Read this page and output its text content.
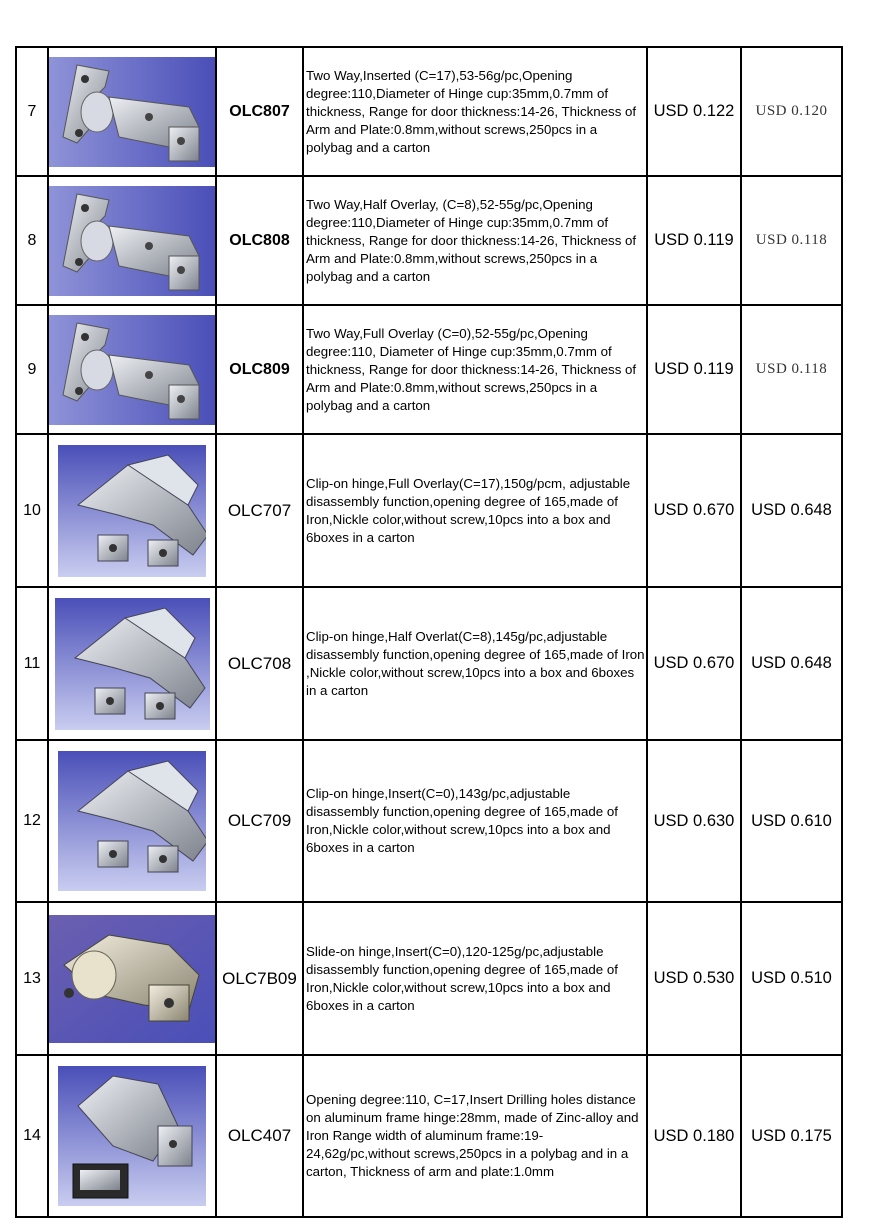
7		OLC807	Two Way,Inserted (C=17),53-56g/pc,Opening degree:110,Diameter of Hinge cup:35mm,0.7mm of thickness, Range for door thickness:14-26, Thickness of Arm and Plate:0.8mm,without screws,250pcs in a polybag and a carton	USD 0.122	USD 0.120
8		OLC808	Two Way,Half Overlay, (C=8),52-55g/pc,Opening degree:110,Diameter of Hinge cup:35mm,0.7mm of thickness, Range for door thickness:14-26, Thickness of Arm and Plate:0.8mm,without screws,250pcs in a polybag and a carton	USD 0.119	USD 0.118
9		OLC809	Two Way,Full Overlay (C=0),52-55g/pc,Opening degree:110, Diameter of Hinge cup:35mm,0.7mm of thickness, Range for door thickness:14-26, Thickness of Arm and Plate:0.8mm,without screws,250pcs in a polybag and a carton	USD 0.119	USD 0.118
10		OLC707	Clip-on hinge,Full Overlay(C=17),150g/pcm, adjustable disassembly function,opening degree of 165,made of Iron,Nickle color,without screw,10pcs into a box and 6boxes in a carton	USD 0.670	USD 0.648
11		OLC708	Clip-on hinge,Half Overlat(C=8),145g/pc,adjustable disassembly function,opening degree of 165,made of Iron ,Nickle color,without screw,10pcs into a box and 6boxes in a carton	USD 0.670	USD 0.648
12		OLC709	Clip-on hinge,Insert(C=0),143g/pc,adjustable disassembly function,opening degree of 165,made of Iron,Nickle color,without screw,10pcs into a box and 6boxes in a carton	USD 0.630	USD 0.610
13		OLC7B09	Slide-on hinge,Insert(C=0),120-125g/pc,adjustable disassembly function,opening degree of 165,made of Iron,Nickle color,without screw,10pcs into a box and 6boxes in a carton	USD 0.530	USD 0.510
14		OLC407	Opening degree:110, C=17,Insert Drilling holes distance on aluminum frame hinge:28mm, made of Zinc-alloy and Iron Range width of aluminum frame:19-24,62g/pc,without screws,250pcs in a polybag and in a carton, Thickness of arm and plate:1.0mm	USD 0.180	USD 0.175
